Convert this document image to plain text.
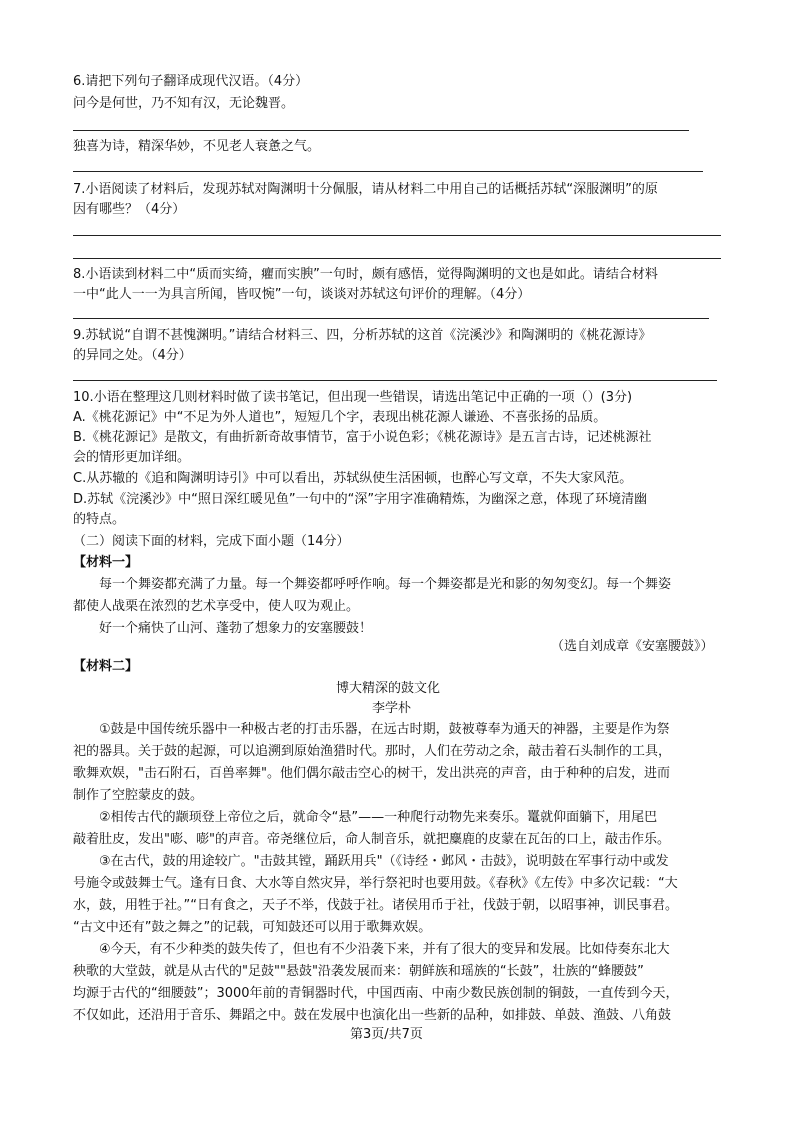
6.请把下列句子翻译成现代汉语。（4分）
问今是何世，乃不知有汉，无论魏晋。
独喜为诗，精深华妙，不见老人衰惫之气。
7.小语阅读了材料后，发现苏轼对陶渊明十分佩服，请从材料二中用自己的话概括苏轼“深服渊明”的原
因有哪些？（4分）
8.小语读到材料二中“质而实绮，癯而实腴”一句时，颇有感悟，觉得陶渊明的文也是如此。请结合材料
一中“此人一一为具言所闻，皆叹惋”一句，谈谈对苏轼这句评价的理解。（4分）
9.苏轼说“自谓不甚愧渊明。”请结合材料三、四，分析苏轼的这首《浣溪沙》和陶渊明的《桃花源诗》
的异同之处。（4分）
10.小语在整理这几则材料时做了读书笔记，但出现一些错误，请选出笔记中正确的一项（）(3分)
A.《桃花源记》中“不足为外人道也”，短短几个字，表现出桃花源人谦逊、不喜张扬的品质。
B.《桃花源记》是散文，有曲折新奇故事情节，富于小说色彩；《桃花源诗》是五言古诗，记述桃源社
会的情形更加详细。
C.从苏辙的《追和陶渊明诗引》中可以看出，苏轼纵使生活困顿，也醉心写文章，不失大家风范。
D.苏轼《浣溪沙》中“照日深红暖见鱼”一句中的“深”字用字准确精炼，为幽深之意，体现了环境清幽
的特点。
（二）阅读下面的材料，完成下面小题（14分）
【材料一】
每一个舞姿都充满了力量。每一个舞姿都呼呼作响。每一个舞姿都是光和影的匆匆变幻。每一个舞姿
都使人战栗在浓烈的艺术享受中，使人叹为观止。
好一个痛快了山河、蓬勃了想象力的安塞腰鼓！
（选自刘成章《安塞腰鼓》）
【材料二】
博大精深的鼓文化
李学朴
①鼓是中国传统乐器中一种极古老的打击乐器，在远古时期，鼓被尊奉为通天的神器，主要是作为祭
祀的器具。关于鼓的起源，可以追溯到原始渔猎时代。那时，人们在劳动之余，敲击着石头制作的工具，
歌舞欢娱，"击石附石，百兽率舞"。他们偶尔敲击空心的树干，发出洪亮的声音，由于种种的启发，进而
制作了空腔蒙皮的鼓。
②相传古代的颛顼登上帝位之后，就命令“悬”——一种爬行动物先来奏乐。鼍就仰面躺下，用尾巴
敲着肚皮，发出"嘭、嘭"的声音。帝尧继位后，命人制音乐，就把麋鹿的皮蒙在瓦缶的口上，敲击作乐。
③在古代，鼓的用途较广。"击鼓其镗，踊跃用兵"（《诗经・邺风・击鼓》，说明鼓在军事行动中或发
号施令或鼓舞士气。逢有日食、大水等自然灾异，举行祭祀时也要用鼓。《春秋》《左传》中多次记载：“大
水，鼓，用牲于社。”“日有食之，天子不举，伐鼓于社。诸侯用币于社，伐鼓于朝，以昭事神，训民事君。
“古文中还有”鼓之舞之”的记载，可知鼓还可以用于歌舞欢娱。
④今天，有不少种类的鼓失传了，但也有不少沿袭下来，并有了很大的变异和发展。比如侍奏东北大
秧歌的大堂鼓，就是从古代的"足鼓""悬鼓"沿袭发展而来：朝鲜族和瑶族的“长鼓”，壮族的“蜂腰鼓”
均源于古代的“细腰鼓”；3000年前的青铜器时代，中国西南、中南少数民族创制的铜鼓，一直传到今天，
不仅如此，还沿用于音乐、舞蹈之中。鼓在发展中也演化出一些新的品种，如排鼓、单鼓、渔鼓、八角鼓
第3页/共7页
